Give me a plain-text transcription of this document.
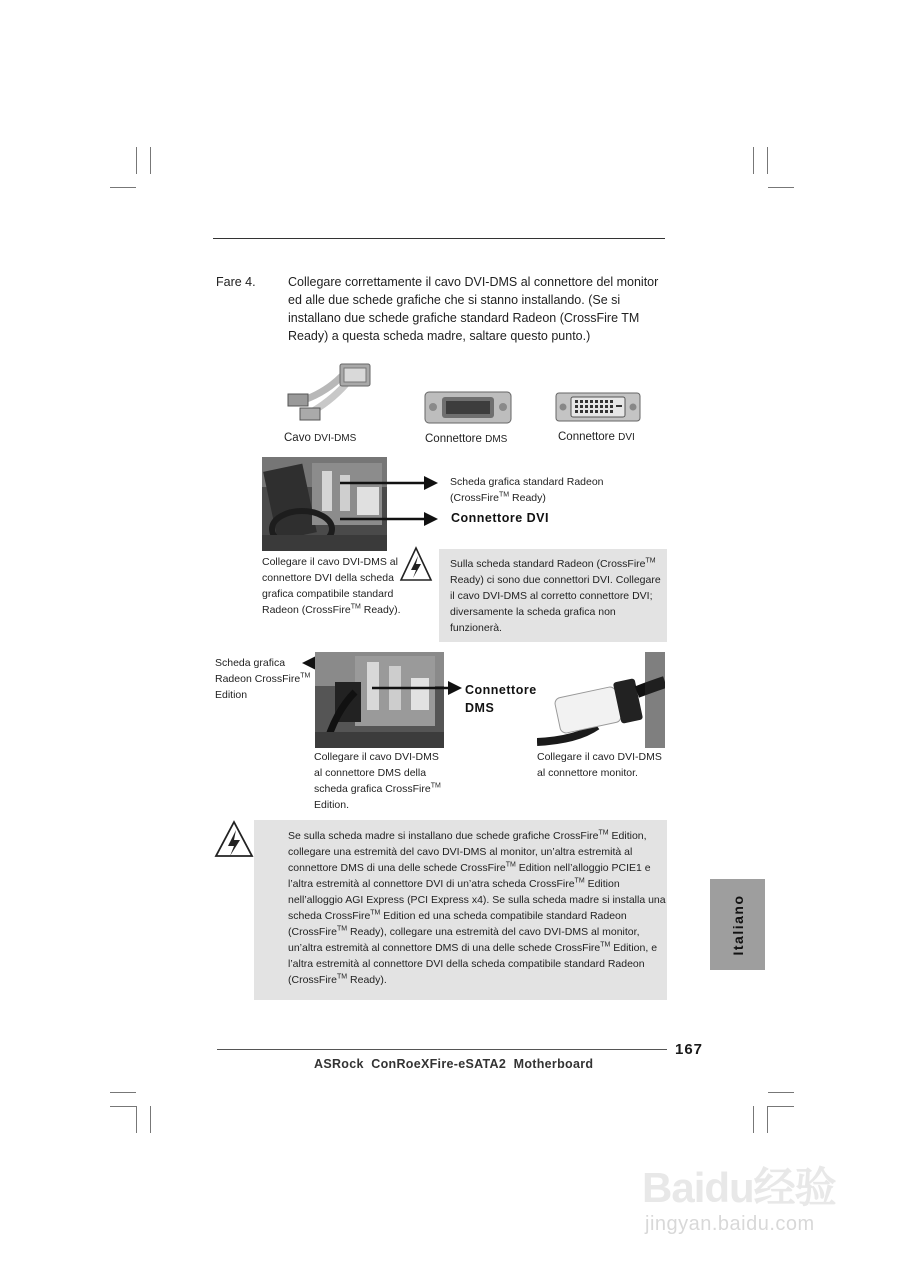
Fare 4.	Collegare correttamente il cavo DVI-DMS al connettore del monitor ed alle due schede grafiche che si stanno installando. (Se si installano due schede grafiche standard Radeon (CrossFire TM Ready) a questa scheda madre, saltare questo punto.)
Cavo DVI-DMS	Connettore DMS	Connettore DVI
Scheda grafica standard Radeon
(CrossFire™ Ready)
Connettore DVI
Collegare il cavo DVI-DMS al connettore DVI della scheda grafica compatibile standard Radeon (CrossFire™ Ready).
Sulla scheda standard Radeon (CrossFire™ Ready) ci sono due connettori DVI. Collegare il cavo DVI-DMS al corretto connettore DVI; diversamente la scheda grafica non funzionerà.
Scheda grafica Radeon CrossFire™
Edition	Connettore
DMS
Collegare il cavo DVI-DMS al connettore DMS della scheda grafica CrossFire™
Edition.
Collegare il cavo DVI-DMS al connettore monitor.
Se sulla scheda madre si installano due schede grafiche CrossFire™ Edition, collegare una estremità del cavo DVI-DMS al monitor, un’altra estremità al connettore DMS di una delle schede CrossFire™ Edition nell’alloggio PCIE1 e l’altra estremità al connettore DVI di un’atra scheda CrossFire™ Edition nell’alloggio AGI Express (PCI Express x4). Se sulla scheda madre si installa una scheda CrossFire™ Edition ed una scheda compatibile standard Radeon (CrossFire™ Ready), collegare una estremità del cavo DVI-DMS al monitor, un’altra estremità al connettore DMS di una delle schede CrossFire™ Edition, e l’altra estremità al connettore DVI della scheda compatibile standard Radeon (CrossFire™ Ready).
Italiano
167
ASRock  ConRoeXFire-eSATA2  Motherboard
Baidu经验
jingyan.baidu.com
